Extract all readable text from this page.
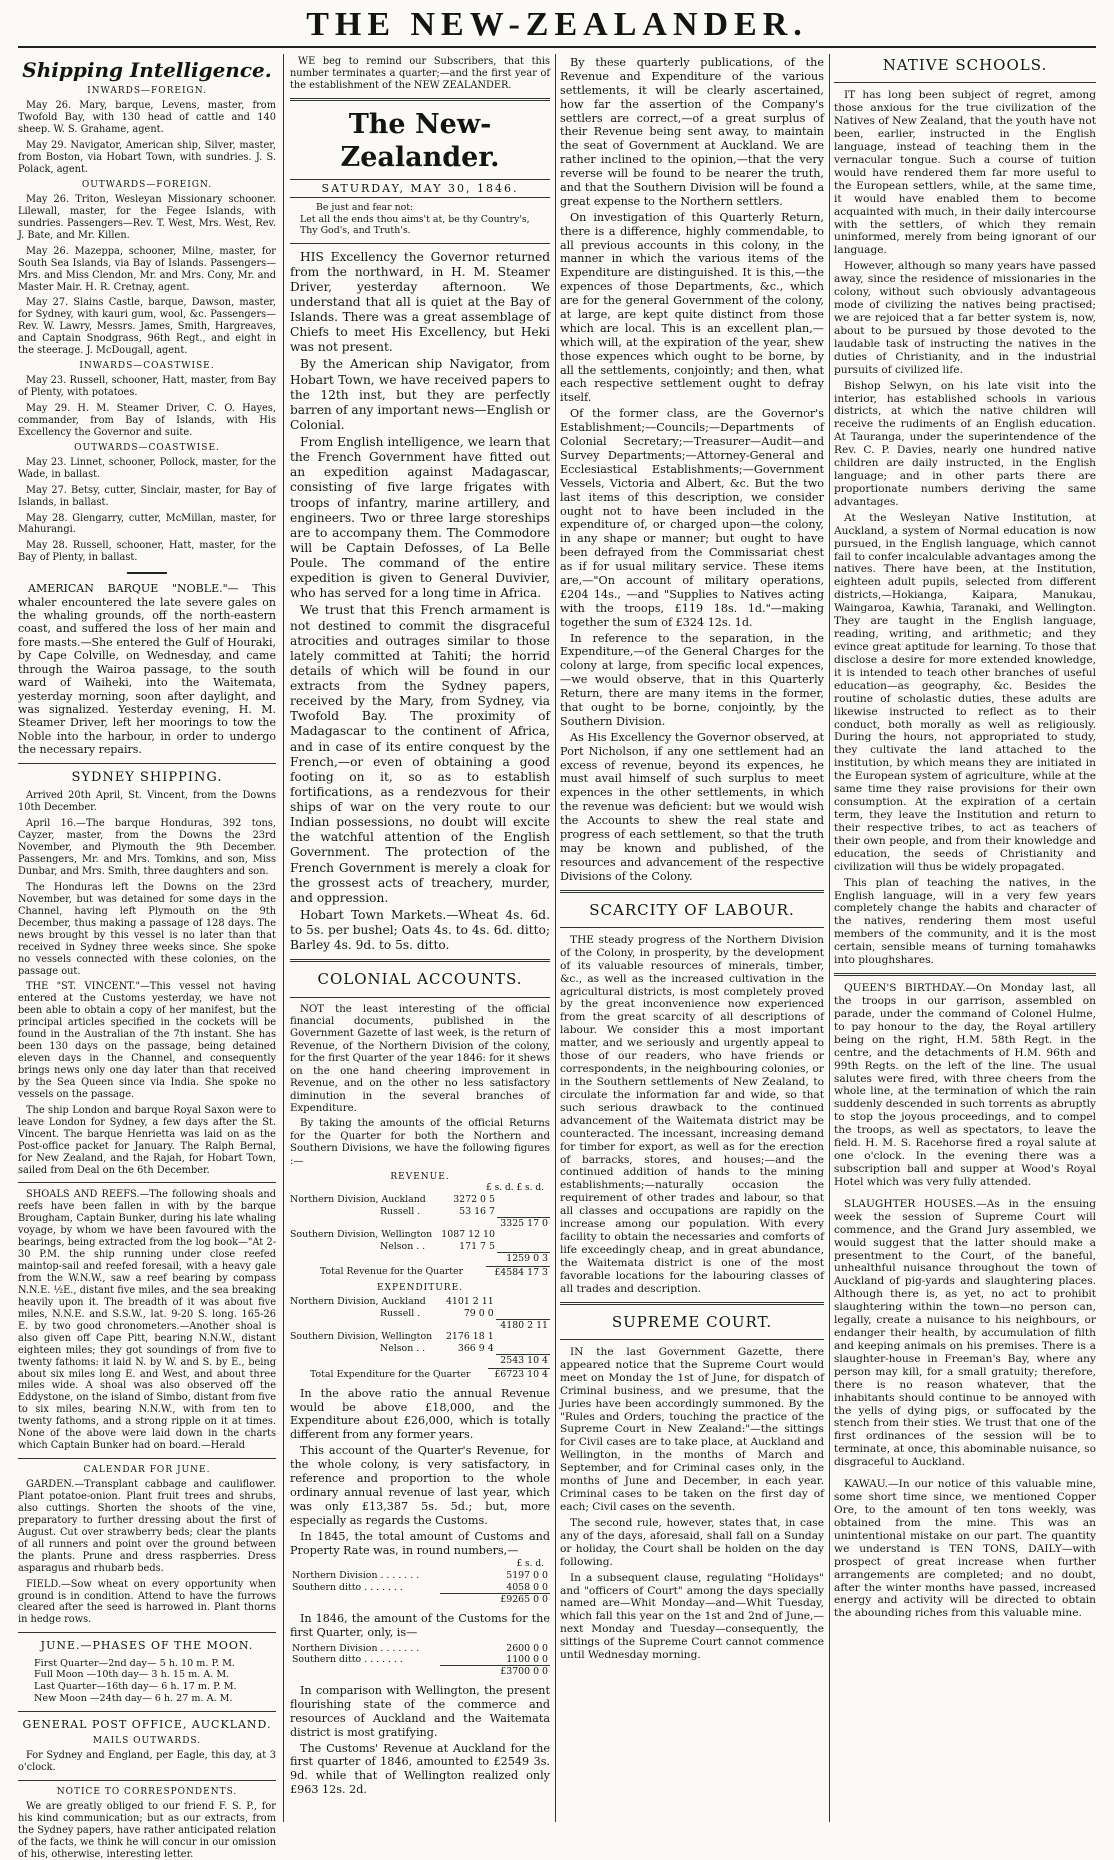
THE NEW-ZEALANDER.
Shipping Intelligence.
INWARDS—FOREIGN.

May 26. Mary, barque, Levens, master, from Twofold Bay, with 130 head of cattle and 140 sheep. W. S. Grahame, agent.

May 29. Navigator, American ship, Silver, master, from Boston, via Hobart Town, with sundries. J. S. Polack, agent.

OUTWARDS—FOREIGN.

May 26. Triton, Wesleyan Missionary schooner. Lilewall, master, for the Fegee Islands, with sundries. Passengers—Rev. T. West, Mrs. West, Rev. J. Bate, and Mr. Killen.

May 26. Mazeppa, schooner, Milne, master, for South Sea Islands, via Bay of Islands. Passengers—Mrs. and Miss Clendon, Mr. and Mrs. Cony, Mr. and Master Mair. H. R. Cretnay, agent.

May 27. Slains Castle, barque, Dawson, master, for Sydney, with kauri gum, wool, &c. Passengers—Rev. W. Lawry, Messrs. James, Smith, Hargreaves, and Captain Snodgrass, 96th Regt., and eight in the steerage. J. McDougall, agent.

INWARDS—COASTWISE.

May 23. Russell, schooner, Hatt, master, from Bay of Plenty, with potatoes.

May 29. H. M. Steamer Driver, C. O. Hayes, commander, from Bay of Islands, with His Excellency the Governor and suite.

OUTWARDS—COASTWISE.

May 23. Linnet, schooner, Pollock, master, for the Wade, in ballast.

May 27. Betsy, cutter, Sinclair, master, for Bay of Islands, in ballast.

May 28. Glengarry, cutter, McMillan, master, for Mahurangi.

May 28. Russell, schooner, Hatt, master, for the Bay of Plenty, in ballast.

AMERICAN BARQUE "NOBLE."— This whaler encountered the late severe gales on the whaling grounds, off the north-eastern coast, and suffered the loss of her main and fore masts.—She entered the Gulf of Houraki, by Cape Colville, on Wednesday, and came through the Wairoa passage, to the south ward of Waiheki, into the Waitemata, yesterday morning, soon after daylight, and was signalized. Yesterday evening, H. M. Steamer Driver, left her moorings to tow the Noble into the harbour, in order to undergo the necessary repairs.

SYDNEY SHIPPING.

Arrived 20th April, St. Vincent, from the Downs 10th December.

April 16.—The barque Honduras, 392 tons, Cayzer, master, from the Downs the 23rd November, and Plymouth the 9th December. Passengers, Mr. and Mrs. Tomkins, and son, Miss Dunbar, and Mrs. Smith, three daughters and son.

The Honduras left the Downs on the 23rd November, but was detained for some days in the Channel, having left Plymouth on the 9th December, thus making a passage of 128 days. The news brought by this vessel is no later than that received in Sydney three weeks since. She spoke no vessels connected with these colonies, on the passage out.

THE "ST. VINCENT."—This vessel not having entered at the Customs yesterday, we have not been able to obtain a copy of her manifest, but the principal articles specified in the cockets will be found in the Australian of the 7th instant. She has been 130 days on the passage, being detained eleven days in the Channel, and consequently brings news only one day later than that received by the Sea Queen since via India. She spoke no vessels on the passage.

The ship London and barque Royal Saxon were to leave London for Sydney, a few days after the St. Vincent. The barque Henrietta was laid on as the Post-office packet for January. The Ralph Bernal, for New Zealand, and the Rajah, for Hobart Town, sailed from Deal on the 6th December.

SHOALS AND REEFS.—The following shoals and reefs have been fallen in with by the barque Brougham, Captain Bunker, during his late whaling voyage, by whom we have been favoured with the bearings, being extracted from the log book—"At 2-30 P.M. the ship running under close reefed maintop-sail and reefed foresail, with a heavy gale from the W.N.W., saw a reef bearing by compass N.N.E. ½E., distant five miles, and the sea breaking heavily upon it. The breadth of it was about five miles, N.N.E. and S.S.W., lat. 9-20 S. long. 165-26 E. by two good chronometers.—Another shoal is also given off Cape Pitt, bearing N.N.W., distant eighteen miles; they got soundings of from five to twenty fathoms: it laid N. by W. and S. by E., being about six miles long E. and West, and about three miles wide. A shoal was also observed off the Eddystone, on the island of Simbo, distant from five to six miles, bearing N.N.W., with from ten to twenty fathoms, and a strong ripple on it at times. None of the above were laid down in the charts which Captain Bunker had on board.—Herald

CALENDAR FOR JUNE.

GARDEN.—Transplant cabbage and cauliflower. Plant potatoe-onion. Plant fruit trees and shrubs, also cuttings. Shorten the shoots of the vine, preparatory to further dressing about the first of August. Cut over strawberry beds; clear the plants of all runners and point over the ground between the plants. Prune and dress raspberries. Dress asparagus and rhubarb beds.

FIELD.—Sow wheat on every opportunity when ground is in condition. Attend to have the furrows cleared after the seed is harrowed in. Plant thorns in hedge rows.

JUNE.—PHASES OF THE MOON.
First Quarter—2nd day— 5 h. 10 m. P. M.
Full Moon —10th day— 3 h. 15 m. A. M.
Last Quarter—16th day— 6 h. 17 m. P. M.
New Moon —24th day— 6 h. 27 m. A. M.
GENERAL POST OFFICE, AUCKLAND.
MAILS OUTWARDS.

For Sydney and England, per Eagle, this day, at 3 o'clock.

NOTICE TO CORRESPONDENTS.

We are greatly obliged to our friend F. S. P., for his kind communication; but as our extracts, from the Sydney papers, have rather anticipated relation of the facts, we think he will concur in our omission of his, otherwise, interesting letter.

WE beg to remind our Subscribers, that this number terminates a quarter;—and the first year of the establishment of the NEW ZEALANDER.

The New-Zealander.
SATURDAY, MAY 30, 1846.
Be just and fear not:
Let all the ends thou aims't at, be thy Country's,
Thy God's, and Truth's.

HIS Excellency the Governor returned from the northward, in H. M. Steamer Driver, yesterday afternoon. We understand that all is quiet at the Bay of Islands. There was a great assemblage of Chiefs to meet His Excellency, but Heki was not present.

By the American ship Navigator, from Hobart Town, we have received papers to the 12th inst, but they are perfectly barren of any important news—English or Colonial.

From English intelligence, we learn that the French Government have fitted out an expedition against Madagascar, consisting of five large frigates with troops of infantry, marine artillery, and engineers. Two or three large storeships are to accompany them. The Commodore will be Captain Defosses, of La Belle Poule. The command of the entire expedition is given to General Duvivier, who has served for a long time in Africa.

We trust that this French armament is not destined to commit the disgraceful atrocities and outrages similar to those lately committed at Tahiti; the horrid details of which will be found in our extracts from the Sydney papers, received by the Mary, from Sydney, via Twofold Bay. The proximity of Madagascar to the continent of Africa, and in case of its entire conquest by the French,—or even of obtaining a good footing on it, so as to establish fortifications, as a rendezvous for their ships of war on the very route to our Indian possessions, no doubt will excite the watchful attention of the English Government. The protection of the French Government is merely a cloak for the grossest acts of treachery, murder, and oppression.

Hobart Town Markets.—Wheat 4s. 6d. to 5s. per bushel; Oats 4s. to 4s. 6d. ditto; Barley 4s. 9d. to 5s. ditto.

COLONIAL ACCOUNTS.

NOT the least interesting of the official financial documents, published in the Government Gazette of last week, is the return of Revenue, of the Northern Division of the colony, for the first Quarter of the year 1846: for it shews on the one hand cheering improvement in Revenue, and on the other no less satisfactory diminution in the several branches of Expenditure.

By taking the amounts of the official Returns for the Quarter for both the Northern and Southern Divisions, we have the following figures :—

REVENUE.
£ s. d. £ s. d.
Northern Division, Auckland	3272 0 5	
Russell .	53 16 7	
		3325 17 0
Southern Division, Wellington	1087 12 10	
Nelson . .	171 7 5	
		1259 0 3
Total Revenue for the Quarter	£4584 17 3
EXPENDITURE.
Northern Division, Auckland	4101 2 11	
Russell .	79 0 0	
		4180 2 11
Southern Division, Wellington	2176 18 1	
Nelson . .	366 9 4	
		2543 10 4
Total Expenditure for the Quarter	£6723 10 4

In the above ratio the annual Revenue would be above £18,000, and the Expenditure about £26,000, which is totally different from any former years.

This account of the Quarter's Revenue, for the whole colony, is very satisfactory, in reference and proportion to the whole ordinary annual revenue of last year, which was only £13,387 5s. 5d.; but, more especially as regards the Customs.

In 1845, the total amount of Customs and Property Rate was, in round numbers,—

£ s. d.
Northern Division . . . . . . .	5197 0 0
Southern ditto . . . . . . .	4058 0 0
£9265 0 0

In 1846, the amount of the Customs for the first Quarter, only, is—

Northern Division . . . . . . .	2600 0 0
Southern ditto . . . . . . .	1100 0 0
£3700 0 0

In comparison with Wellington, the present flourishing state of the commerce and resources of Auckland and the Waitemata district is most gratifying.

The Customs' Revenue at Auckland for the first quarter of 1846, amounted to £2549 3s. 9d. while that of Wellington realized only £963 12s. 2d.

By these quarterly publications, of the Revenue and Expenditure of the various settlements, it will be clearly ascertained, how far the assertion of the Company's settlers are correct,—of a great surplus of their Revenue being sent away, to maintain the seat of Government at Auckland. We are rather inclined to the opinion,—that the very reverse will be found to be nearer the truth, and that the Southern Division will be found a great expense to the Northern settlers.

On investigation of this Quarterly Return, there is a difference, highly commendable, to all previous accounts in this colony, in the manner in which the various items of the Expenditure are distinguished. It is this,—the expences of those Departments, &c., which are for the general Government of the colony, at large, are kept quite distinct from those which are local. This is an excellent plan,—which will, at the expiration of the year, shew those expences which ought to be borne, by all the settlements, conjointly; and then, what each respective settlement ought to defray itself.

Of the former class, are the Governor's Establishment;—Councils;—Departments of Colonial Secretary;—Treasurer—Audit—and Survey Departments;—Attorney-General and Ecclesiastical Establishments;—Government Vessels, Victoria and Albert, &c. But the two last items of this description, we consider ought not to have been included in the expenditure of, or charged upon—the colony, in any shape or manner; but ought to have been defrayed from the Commissariat chest as if for usual military service. These items are,—"On account of military operations, £204 14s., —and "Supplies to Natives acting with the troops, £119 18s. 1d."—making together the sum of £324 12s. 1d.

In reference to the separation, in the Expenditure,—of the General Charges for the colony at large, from specific local expences,—we would observe, that in this Quarterly Return, there are many items in the former, that ought to be borne, conjointly, by the Southern Division.

As His Excellency the Governor observed, at Port Nicholson, if any one settlement had an excess of revenue, beyond its expences, he must avail himself of such surplus to meet expences in the other settlements, in which the revenue was deficient: but we would wish the Accounts to shew the real state and progress of each settlement, so that the truth may be known and published, of the resources and advancement of the respective Divisions of the Colony.

SCARCITY OF LABOUR.

THE steady progress of the Northern Division of the Colony, in prosperity, by the development of its valuable resources of minerals, timber, &c., as well as the increased cultivation in the agricultural districts, is most completely proved by the great inconvenience now experienced from the great scarcity of all descriptions of labour. We consider this a most important matter, and we seriously and urgently appeal to those of our readers, who have friends or correspondents, in the neighbouring colonies, or in the Southern settlements of New Zealand, to circulate the information far and wide, so that such serious drawback to the continued advancement of the Waitemata district may be counteracted. The incessant, increasing demand for timber for export, as well as for the erection of barracks, stores, and houses;—and the continued addition of hands to the mining establishments;—naturally occasion the requirement of other trades and labour, so that all classes and occupations are rapidly on the increase among our population. With every facility to obtain the necessaries and comforts of life exceedingly cheap, and in great abundance, the Waitemata district is one of the most favorable locations for the labouring classes of all trades and description.

SUPREME COURT.

IN the last Government Gazette, there appeared notice that the Supreme Court would meet on Monday the 1st of June, for dispatch of Criminal business, and we presume, that the Juries have been accordingly summoned. By the "Rules and Orders, touching the practice of the Supreme Court in New Zealand:"—the sittings for Civil cases are to take place, at Auckland and Wellington, in the months of March and September, and for Criminal cases only, in the months of June and December, in each year. Criminal cases to be taken on the first day of each; Civil cases on the seventh.

The second rule, however, states that, in case any of the days, aforesaid, shall fall on a Sunday or holiday, the Court shall be holden on the day following.

In a subsequent clause, regulating "Holidays" and "officers of Court" among the days specially named are—Whit Monday—and—Whit Tuesday, which fall this year on the 1st and 2nd of June,—next Monday and Tuesday—consequently, the sittings of the Supreme Court cannot commence until Wednesday morning.

NATIVE SCHOOLS.

IT has long been subject of regret, among those anxious for the true civilization of the Natives of New Zealand, that the youth have not been, earlier, instructed in the English language, instead of teaching them in the vernacular tongue. Such a course of tuition would have rendered them far more useful to the European settlers, while, at the same time, it would have enabled them to become acquainted with much, in their daily intercourse with the settlers, of which they remain uninformed, merely from being ignorant of our language.

However, although so many years have passed away, since the residence of missionaries in the colony, without such obviously advantageous mode of civilizing the natives being practised; we are rejoiced that a far better system is, now, about to be pursued by those devoted to the laudable task of instructing the natives in the duties of Christianity, and in the industrial pursuits of civilized life.

Bishop Selwyn, on his late visit into the interior, has established schools in various districts, at which the native children will receive the rudiments of an English education. At Tauranga, under the superintendence of the Rev. C. P. Davies, nearly one hundred native children are daily instructed, in the English language; and in other parts there are proportionate numbers deriving the same advantages.

At the Wesleyan Native Institution, at Auckland, a system of Normal education is now pursued, in the English language, which cannot fail to confer incalculable advantages among the natives. There have been, at the Institution, eighteen adult pupils, selected from different districts,—Hokianga, Kaipara, Manukau, Waingaroa, Kawhia, Taranaki, and Wellington. They are taught in the English language, reading, writing, and arithmetic; and they evince great aptitude for learning. To those that disclose a desire for more extended knowledge, it is intended to teach other branches of useful education—as geography, &c. Besides the routine of scholastic duties, these adults are likewise instructed to reflect as to their conduct, both morally as well as religiously. During the hours, not appropriated to study, they cultivate the land attached to the institution, by which means they are initiated in the European system of agriculture, while at the same time they raise provisions for their own consumption. At the expiration of a certain term, they leave the Institution and return to their respective tribes, to act as teachers of their own people, and from their knowledge and education, the seeds of Christianity and civilization will thus be widely propagated.

This plan of teaching the natives, in the English language, will in a very few years completely change the habits and character of the natives, rendering them most useful members of the community, and it is the most certain, sensible means of turning tomahawks into ploughshares.

QUEEN'S BIRTHDAY.—On Monday last, all the troops in our garrison, assembled on parade, under the command of Colonel Hulme, to pay honour to the day, the Royal artillery being on the right, H.M. 58th Regt. in the centre, and the detachments of H.M. 96th and 99th Regts. on the left of the line. The usual salutes were fired, with three cheers from the whole line, at the termination of which the rain suddenly descended in such torrents as abruptly to stop the joyous proceedings, and to compel the troops, as well as spectators, to leave the field. H. M. S. Racehorse fired a royal salute at one o'clock. In the evening there was a subscription ball and supper at Wood's Royal Hotel which was very fully attended.

SLAUGHTER HOUSES.—As in the ensuing week the session of Supreme Court will commence, and the Grand Jury assembled, we would suggest that the latter should make a presentment to the Court, of the baneful, unhealthful nuisance throughout the town of Auckland of pig-yards and slaughtering places. Although there is, as yet, no act to prohibit slaughtering within the town—no person can, legally, create a nuisance to his neighbours, or endanger their health, by accumulation of filth and keeping animals on his premises. There is a slaughter-house in Freeman's Bay, where any person may kill, for a small gratuity; therefore, there is no reason whatever, that the inhabitants should continue to be annoyed with the yells of dying pigs, or suffocated by the stench from their sties. We trust that one of the first ordinances of the session will be to terminate, at once, this abominable nuisance, so disgraceful to Auckland.

KAWAU.—In our notice of this valuable mine, some short time since, we mentioned Copper Ore, to the amount of ten tons weekly, was obtained from the mine. This was an unintentional mistake on our part. The quantity we understand is TEN TONS, DAILY—with prospect of great increase when further arrangements are completed; and no doubt, after the winter months have passed, increased energy and activity will be directed to obtain the abounding riches from this valuable mine.
